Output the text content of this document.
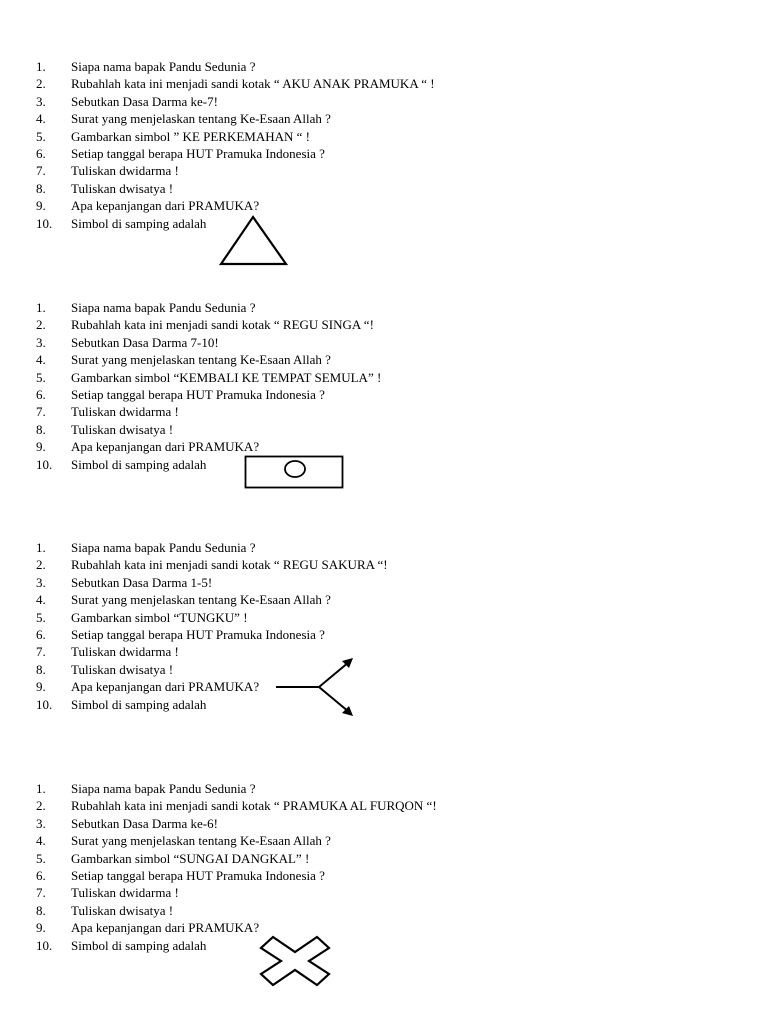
1. Siapa nama bapak Pandu Sedunia ?
2. Rubahlah kata ini menjadi sandi kotak “ AKU ANAK PRAMUKA “ !
3. Sebutkan Dasa Darma ke-7!
4. Surat yang menjelaskan tentang Ke-Esaan Allah ?
5. Gambarkan simbol ” KE PERKEMAHAN “ !
6. Setiap tanggal berapa HUT Pramuka Indonesia ?
7. Tuliskan dwidarma !
8. Tuliskan dwisatya !
9. Apa kepanjangan dari PRAMUKA?
10. Simbol di samping adalah
1. Siapa nama bapak Pandu Sedunia ?
2. Rubahlah kata ini menjadi sandi kotak “ REGU SINGA “!
3. Sebutkan Dasa Darma 7-10!
4. Surat yang menjelaskan tentang Ke-Esaan Allah ?
5. Gambarkan simbol “KEMBALI KE TEMPAT SEMULA” !
6. Setiap tanggal berapa HUT Pramuka Indonesia ?
7. Tuliskan dwidarma !
8. Tuliskan dwisatya !
9. Apa kepanjangan dari PRAMUKA?
10. Simbol di samping adalah
1. Siapa nama bapak Pandu Sedunia ?
2. Rubahlah kata ini menjadi sandi kotak “ REGU SAKURA “!
3. Sebutkan Dasa Darma 1-5!
4. Surat yang menjelaskan tentang Ke-Esaan Allah ?
5. Gambarkan simbol “TUNGKU” !
6. Setiap tanggal berapa HUT Pramuka Indonesia ?
7. Tuliskan dwidarma !
8. Tuliskan dwisatya !
9. Apa kepanjangan dari PRAMUKA?
10. Simbol di samping adalah
1. Siapa nama bapak Pandu Sedunia ?
2. Rubahlah kata ini menjadi sandi kotak “ PRAMUKA AL FURQON “!
3. Sebutkan Dasa Darma ke-6!
4. Surat yang menjelaskan tentang Ke-Esaan Allah ?
5. Gambarkan simbol “SUNGAI DANGKAL” !
6. Setiap tanggal berapa HUT Pramuka Indonesia ?
7. Tuliskan dwidarma !
8. Tuliskan dwisatya !
9. Apa kepanjangan dari PRAMUKA?
10. Simbol di samping adalah
